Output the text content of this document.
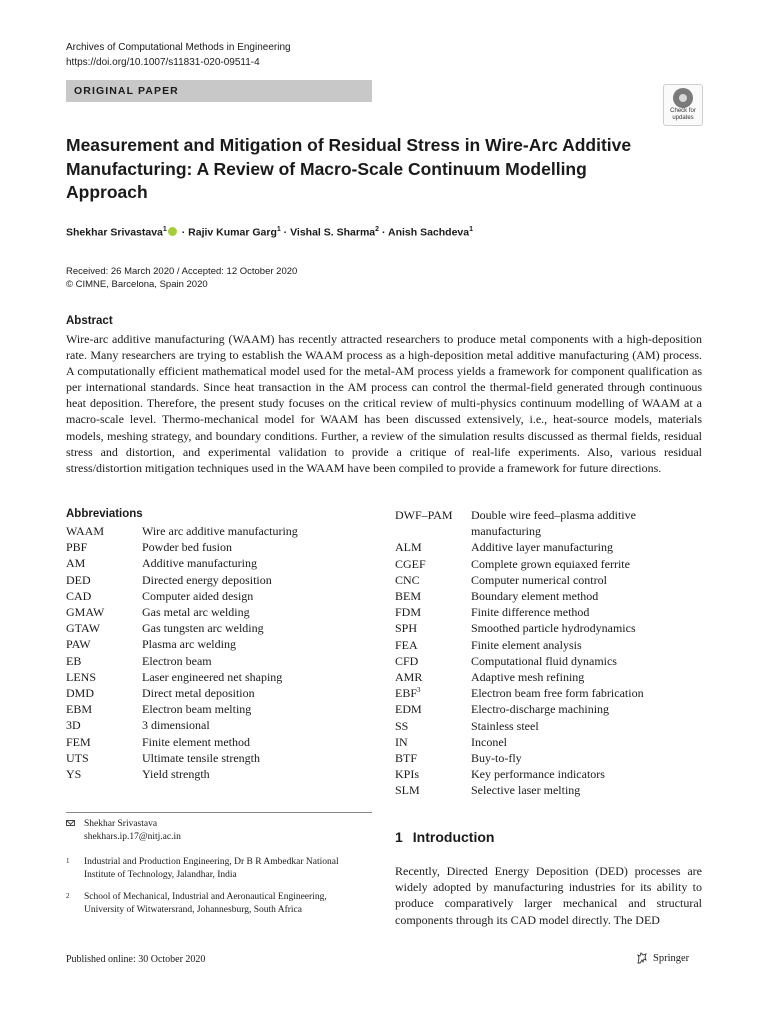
Archives of Computational Methods in Engineering
https://doi.org/10.1007/s11831-020-09511-4
ORIGINAL PAPER
Check for
updates
Measurement and Mitigation of Residual Stress in Wire-Arc Additive Manufacturing: A Review of Macro-Scale Continuum Modelling Approach
Shekhar Srivastava$^1$ · Rajiv Kumar Garg$^1$ · Vishal S. Sharma$^2$ · Anish Sachdeva$^1$
Received: 26 March 2020 / Accepted: 12 October 2020
© CIMNE, Barcelona, Spain 2020
Abstract
Wire-arc additive manufacturing (WAAM) has recently attracted researchers to produce metal components with a high-deposition rate. Many researchers are trying to establish the WAAM process as a high-deposition metal additive manufacturing (AM) process. A computationally efficient mathematical model used for the metal-AM process yields a framework for component qualification as per international standards. Since heat transaction in the AM process can control the thermal-field generated through continuous heat deposition. Therefore, the present study focuses on the critical review of multi-physics continuum modelling of WAAM at a macro-scale level. Thermo-mechanical model for WAAM has been discussed extensively, i.e., heat-source models, materials models, meshing strategy, and boundary conditions. Further, a review of the simulation results discussed as thermal fields, residual stress and distortion, and experimental validation to provide a critique of real-life experiments. Also, various residual stress/distortion mitigation techniques used in the WAAM have been compiled to provide a framework for future directions.
Abbreviations
WAAM	Wire arc additive manufacturing
PBF	Powder bed fusion
AM	Additive manufacturing
DED	Directed energy deposition
CAD	Computer aided design
GMAW	Gas metal arc welding
GTAW	Gas tungsten arc welding
PAW	Plasma arc welding
EB	Electron beam
LENS	Laser engineered net shaping
DMD	Direct metal deposition
EBM	Electron beam melting
3D	3 dimensional
FEM	Finite element method
UTS	Ultimate tensile strength
YS	Yield strength
DWF–PAM	Double wire feed–plasma additive manufacturing
ALM	Additive layer manufacturing
CGEF	Complete grown equiaxed ferrite
CNC	Computer numerical control
BEM	Boundary element method
FDM	Finite difference method
SPH	Smoothed particle hydrodynamics
FEA	Finite element analysis
CFD	Computational fluid dynamics
AMR	Adaptive mesh refining
EBF$^3$	Electron beam free form fabrication
EDM	Electro-discharge machining
SS	Stainless steel
IN	Inconel
BTF	Buy-to-fly
KPIs	Key performance indicators
SLM	Selective laser melting
Shekhar Srivastava
shekhars.ip.17@nitj.ac.in
1	Industrial and Production Engineering, Dr B R Ambedkar National Institute of Technology, Jalandhar, India
2	School of Mechanical, Industrial and Aeronautical Engineering, University of Witwatersrand, Johannesburg, South Africa
Published online: 30 October 2020
1 Introduction
Recently, Directed Energy Deposition (DED) processes are widely adopted by manufacturing industries for its ability to produce comparatively larger mechanical and structural components through its CAD model directly. The DED
Springer
